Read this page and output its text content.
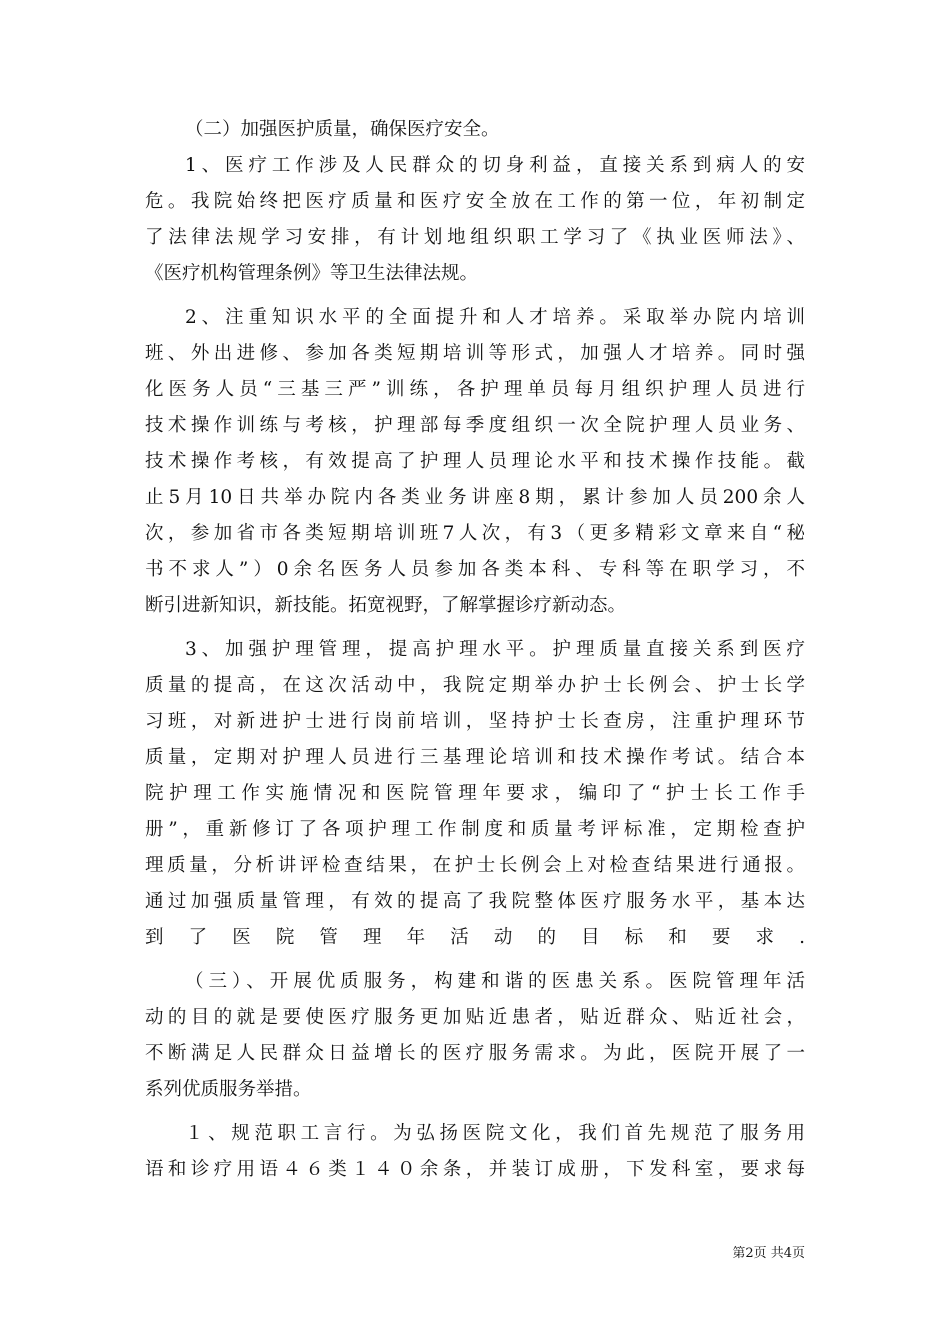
（二）加强医护质量，确保医疗安全。
1、医疗工作涉及人民群众的切身利益，直接关系到病人的安
危。我院始终把医疗质量和医疗安全放在工作的第一位，年初制定
了法律法规学习安排，有计划地组织职工学习了《执业医师法》、
《医疗机构管理条例》等卫生法律法规。
2、注重知识水平的全面提升和人才培养。采取举办院内培训
班、外出进修、参加各类短期培训等形式，加强人才培养。同时强
化医务人员“三基三严”训练，各护理单员每月组织护理人员进行
技术操作训练与考核，护理部每季度组织一次全院护理人员业务、
技术操作考核，有效提高了护理人员理论水平和技术操作技能。截
止5月10日共举办院内各类业务讲座8期，累计参加人员200余人
次，参加省市各类短期培训班7人次，有3（更多精彩文章来自“秘
书不求人”）0余名医务人员参加各类本科、专科等在职学习，不
断引进新知识，新技能。拓宽视野，了解掌握诊疗新动态。
3、加强护理管理，提高护理水平。护理质量直接关系到医疗
质量的提高，在这次活动中，我院定期举办护士长例会、护士长学
习班，对新进护士进行岗前培训，坚持护士长查房，注重护理环节
质量，定期对护理人员进行三基理论培训和技术操作考试。结合本
院护理工作实施情况和医院管理年要求，编印了“护士长工作手
册”，重新修订了各项护理工作制度和质量考评标准，定期检查护
理质量，分析讲评检查结果，在护士长例会上对检查结果进行通报。
通过加强质量管理，有效的提高了我院整体医疗服务水平，基本达
到了医院管理年活动的目标和要求.
（三）、开展优质服务，构建和谐的医患关系。医院管理年活
动的目的就是要使医疗服务更加贴近患者，贴近群众、贴近社会，
不断满足人民群众日益增长的医疗服务需求。为此，医院开展了一
系列优质服务举措。
１、规范职工言行。为弘扬医院文化，我们首先规范了服务用
语和诊疗用语４６类１４０余条，并装订成册，下发科室，要求每
第2页 共4页
